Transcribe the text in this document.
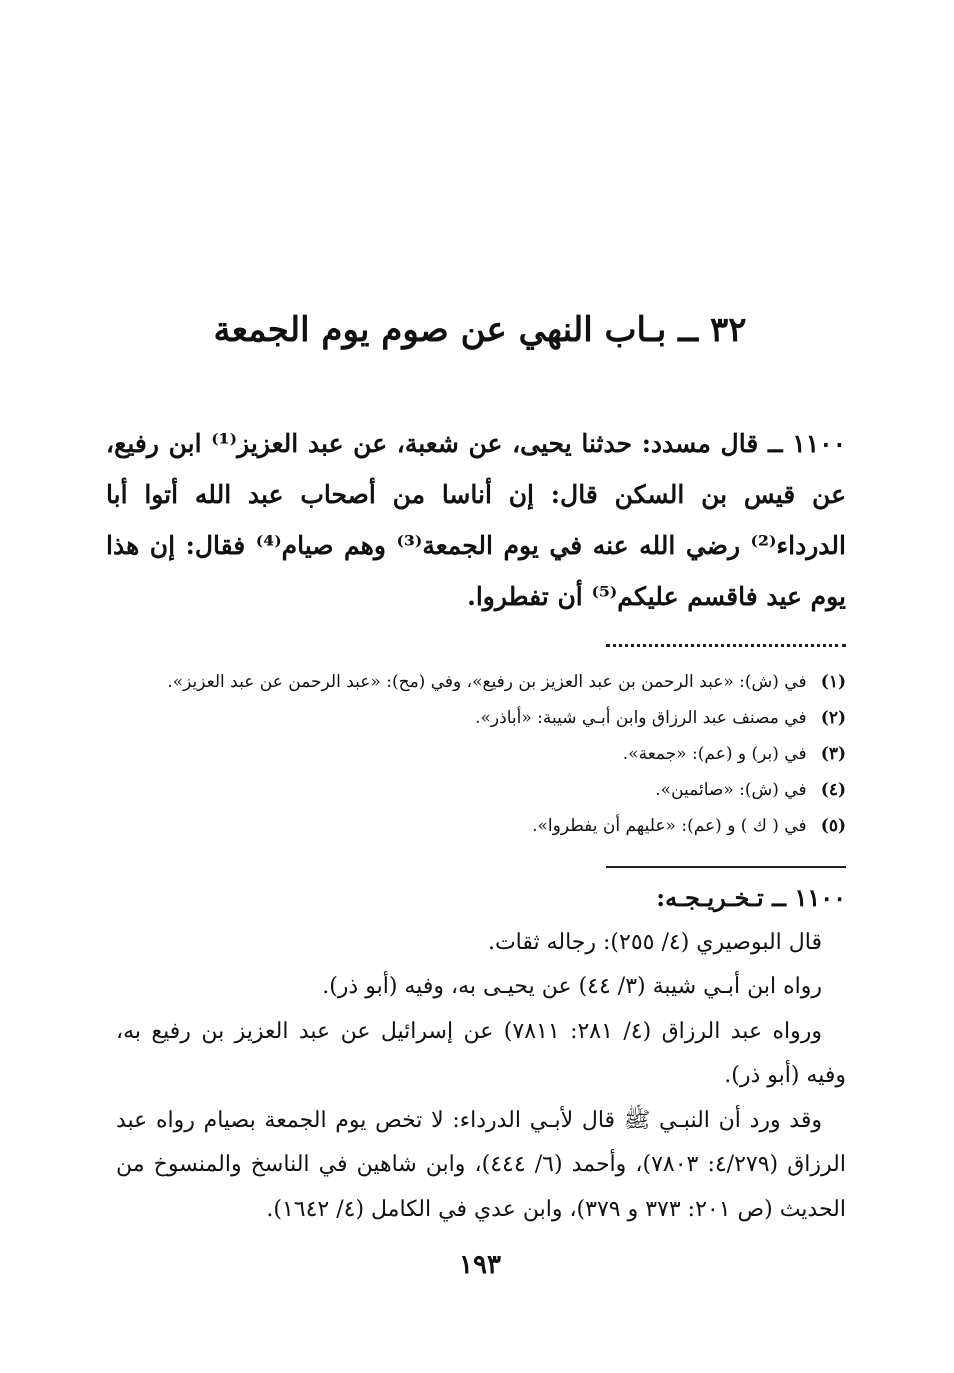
٣٢ ــ بـاب النهي عن صوم يوم الجمعة

١١٠٠ ــ قال مسدد: حدثنا يحيى، عن شعبة، عن عبد العزيز⁽¹⁾ ابن رفيع، عن قيس بن السكن قال: إن أناسا من أصحاب عبد الله أتوا أبا الدرداء⁽²⁾ رضي الله عنه في يوم الجمعة⁽³⁾ وهم صيام⁽⁴⁾ فقال: إن هذا يوم عيد فاقسم عليكم⁽⁵⁾ أن تفطروا.

(١) في (ش): «عبد الرحمن بن عبد العزيز بن رفيع»، وفي (مح): «عبد الرحمن عن عبد العزيز».
(٢) في مصنف عبد الرزاق وابن أبـي شيبة: «أباذر».
(٣) في (بر) و (عم): «جمعة».
(٤) في (ش): «صائمين».
(٥) في ( ك ) و (عم): «عليهم أن يفطروا».

١١٠٠ ــ تـخـريـجـه:

قال البوصيري (٤/ ٢٥٥): رجاله ثقات.

رواه ابن أبـي شيبة (٣/ ٤٤) عن يحيـى به، وفيه (أبو ذر).

ورواه عبد الرزاق (٤/ ٢٨١: ٧٨١١) عن إسرائيل عن عبد العزيز بن رفيع به، وفيه (أبو ذر).

وقد ورد أن النبـي ﷺ قال لأبـي الدرداء: لا تخص يوم الجمعة بصيام رواه عبد الرزاق (٤/٢٧٩: ٧٨٠٣)، وأحمد (٦/ ٤٤٤)، وابن شاهين في الناسخ والمنسوخ من الحديث (ص ٢٠١: ٣٧٣ و ٣٧٩)، وابن عدي في الكامل (٤/ ١٦٤٢).

١٩٣
